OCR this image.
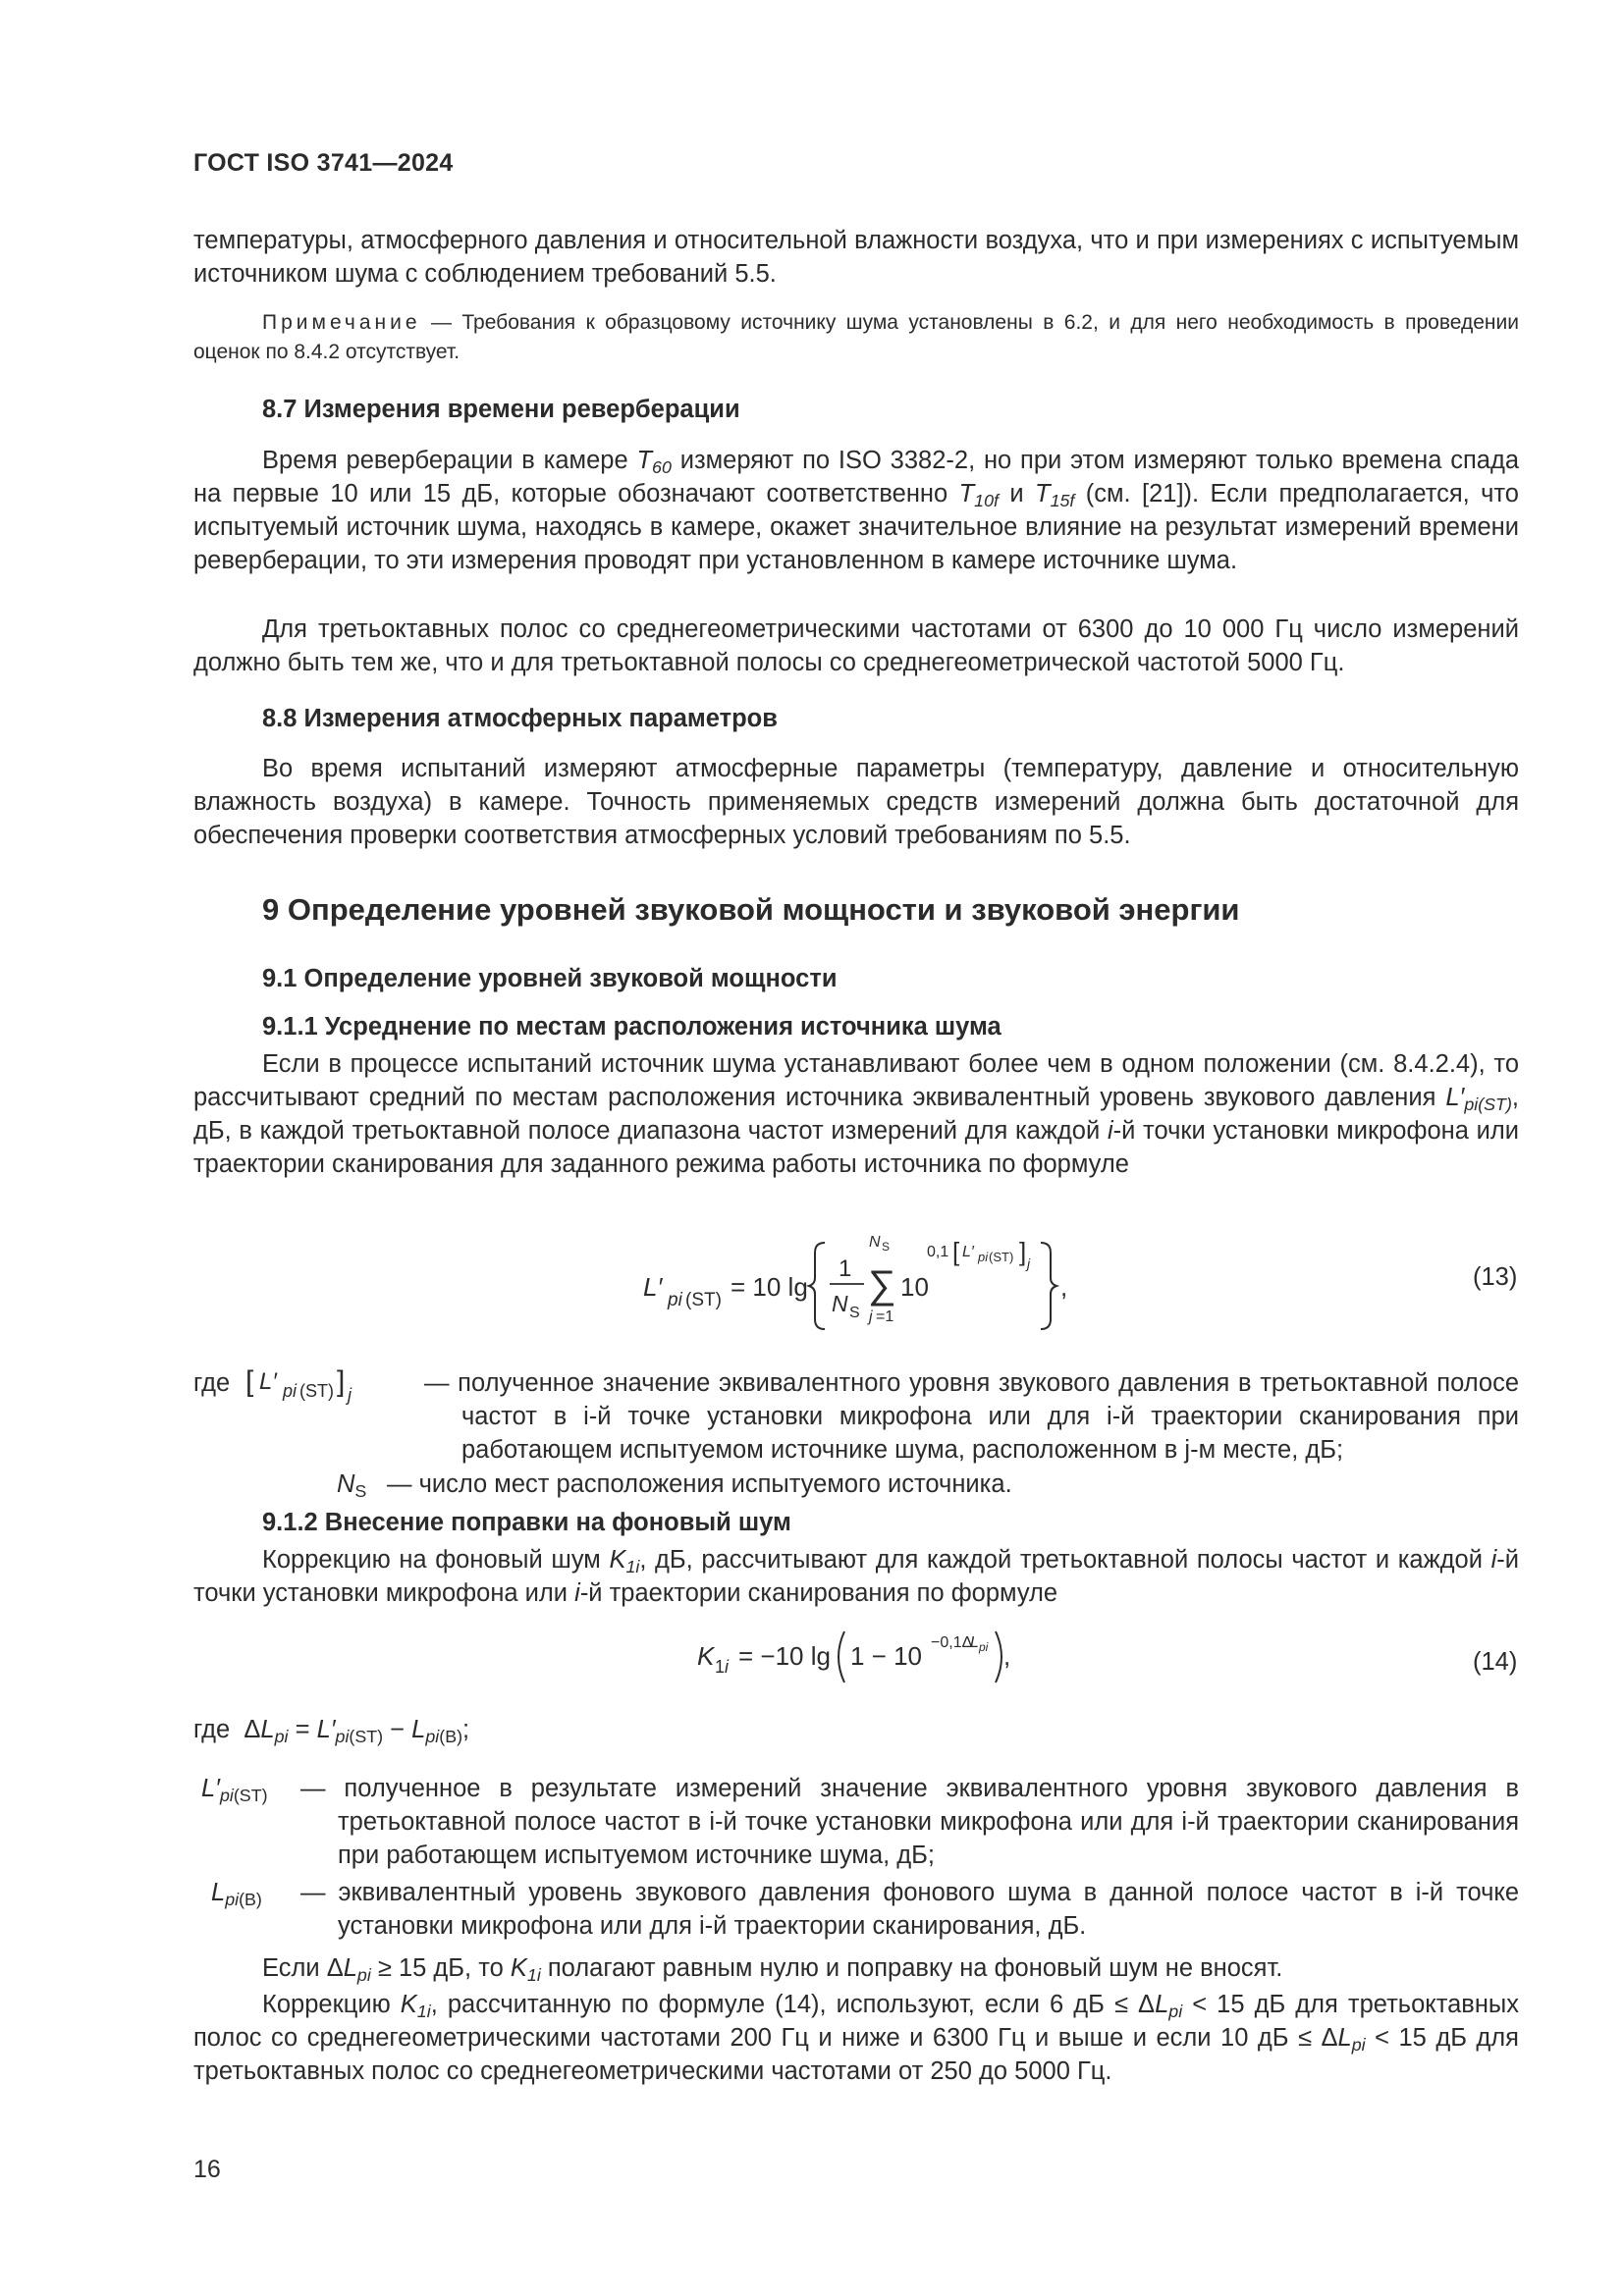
ГОСТ ISO 3741—2024
температуры, атмосферного давления и относительной влажности воздуха, что и при измерениях с испытуемым источником шума с соблюдением требований 5.5.
Примечание — Требования к образцовому источнику шума установлены в 6.2, и для него необходимость в проведении оценок по 8.4.2 отсутствует.
8.7 Измерения времени реверберации
Время реверберации в камере $T_{60}$ измеряют по ISO 3382-2, но при этом измеряют только времена спада на первые 10 или 15 дБ, которые обозначают соответственно $T_{10f}$ и $T_{15f}$ (см. [21]). Если предполагается, что испытуемый источник шума, находясь в камере, окажет значительное влияние на результат измерений времени реверберации, то эти измерения проводят при установленном в камере источнике шума.
Для третьоктавных полос со среднегеометрическими частотами от 6300 до 10 000 Гц число измерений должно быть тем же, что и для третьоктавной полосы со среднегеометрической частотой 5000 Гц.
8.8 Измерения атмосферных параметров
Во время испытаний измеряют атмосферные параметры (температуру, давление и относительную влажность воздуха) в камере. Точность применяемых средств измерений должна быть достаточной для обеспечения проверки соответствия атмосферных условий требованиям по 5.5.
9 Определение уровней звуковой мощности и звуковой энергии
9.1 Определение уровней звуковой мощности
9.1.1 Усреднение по местам расположения источника шума
Если в процессе испытаний источник шума устанавливают более чем в одном положении (см. 8.4.2.4), то рассчитывают средний по местам расположения источника эквивалентный уровень звукового давления $L'_{pi(ST)}$, дБ, в каждой третьоктавной полосе диапазона частот измерений для каждой i-й точки установки микрофона или траектории сканирования для заданного режима работы источника по формуле
L′ pi (ST) = 10 lg
1
N S
N S
∑
j =1
10
0,1 [ L′ pi (ST) ] j
,	(13)
где [ L′ pi (ST) ] j	— полученное значение эквивалентного уровня звукового давления в третьоктавной полосе частот в i-й точке установки микрофона или для i-й траектории сканирования при работающем испытуемом источнике шума, расположенном в j-м месте, дБ;
$N_S$ — число мест расположения испытуемого источника.
9.1.2 Внесение поправки на фоновый шум
Коррекцию на фоновый шум $K_{1i}$, дБ, рассчитывают для каждой третьоктавной полосы частот и каждой i-й точки установки микрофона или i-й траектории сканирования по формуле
K 1 i = −10 lg 1 − 10 −0,1Δ
L pi ,	(14)
где  $\Delta L_{pi} = L'_{pi(ST)} - L_{pi(B)}$;
$L'_{pi(ST)}$ — полученное в результате измерений значение эквивалентного уровня звукового давления в третьоктавной полосе частот в i-й точке установки микрофона или для i-й траектории сканирования при работающем испытуемом источнике шума, дБ;
$L_{pi(B)}$ — эквивалентный уровень звукового давления фонового шума в данной полосе частот в i-й точке установки микрофона или для i-й траектории сканирования, дБ.
Если $\Delta L_{pi} \ge 15$ дБ, то $K_{1i}$ полагают равным нулю и поправку на фоновый шум не вносят.
Коррекцию $K_{1i}$, рассчитанную по формуле (14), используют, если 6 дБ ≤ $\Delta L_{pi} < 15$ дБ для третьоктавных полос со среднегеометрическими частотами 200 Гц и ниже и 6300 Гц и выше и если 10 дБ ≤ $\Delta L_{pi} < 15$ дБ для третьоктавных полос со среднегеометрическими частотами от 250 до 5000 Гц.
16
